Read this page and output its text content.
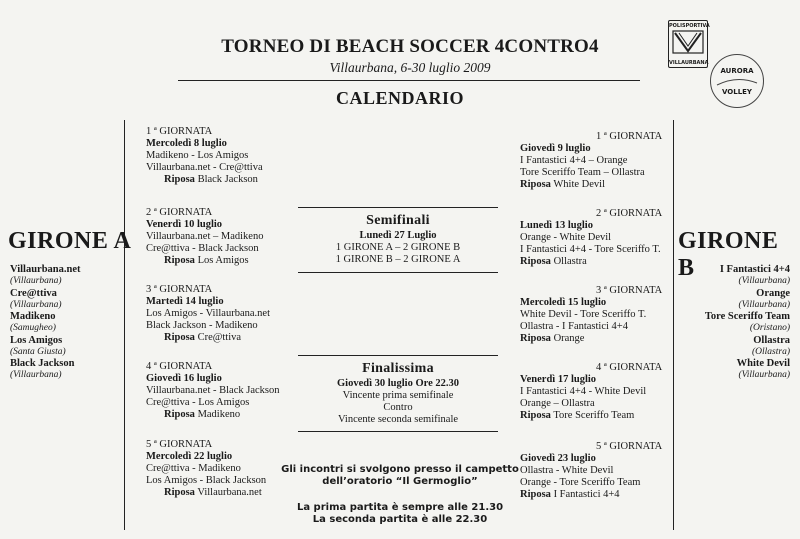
TORNEO DI BEACH SOCCER 4CONTRO4
Villaurbana, 6-30 luglio 2009
CALENDARIO
POLISPORTIVA
VILLAURBANA
AURORA
VOLLEY
GIRONE A
Villaurbana.net
(Villaurbana)
Cre@ttiva
(Villaurbana)
Madikeno
(Samugheo)
Los Amigos
(Santa Giusta)
Black Jackson
(Villaurbana)
GIRONE B	I Fantastici 4+4
(Villaurbana)
Orange
(Villaurbana)
Tore Sceriffo Team
(Oristano)
Ollastra
(Ollastra)
White Devil
(Villaurbana)
1 ª GIORNATA
Mercoledì 8 luglio
Madikeno - Los Amigos
Villaurbana.net - Cre@ttiva
Riposa Black Jackson
2 ª GIORNATA
Venerdì 10 luglio
Villaurbana.net – Madikeno
Cre@ttiva - Black Jackson
Riposa Los Amigos
3 ª GIORNATA
Martedì 14 luglio
Los Amigos - Villaurbana.net
Black Jackson - Madikeno
Riposa Cre@ttiva
4 ª GIORNATA
Giovedì 16 luglio
Villaurbana.net - Black Jackson
Cre@ttiva - Los Amigos
Riposa Madikeno
5 ª GIORNATA
Mercoledì 22 luglio
Cre@ttiva - Madikeno
Los Amigos - Black Jackson
Riposa Villaurbana.net
1 ª GIORNATA
Giovedì 9 luglio
I Fantastici 4+4 – Orange
Tore Sceriffo Team – Ollastra
Riposa White Devil
2 ª GIORNATA
Lunedì 13 luglio
Orange - White Devil
I Fantastici 4+4 - Tore Sceriffo T.
Riposa Ollastra
3 ª GIORNATA
Mercoledì 15 luglio
White Devil - Tore Sceriffo T.
Ollastra - I Fantastici 4+4
Riposa Orange
4 ª GIORNATA
Venerdì 17 luglio
I Fantastici 4+4 - White Devil
Orange – Ollastra
Riposa Tore Sceriffo Team
5 ª GIORNATA
Giovedì 23 luglio
Ollastra - White Devil
Orange - Tore Sceriffo Team
Riposa I Fantastici 4+4
Semifinali
Lunedì 27 Luglio
1 GIRONE A – 2 GIRONE B
1 GIRONE B – 2 GIRONE A
Finalissima
Giovedì 30 luglio Ore 22.30
Vincente prima semifinale
Contro
Vincente seconda semifinale

Gli incontri si svolgono presso il campetto

dell’oratorio “Il Germoglio”

La prima partita è sempre alle 21.30

La seconda partita è alle 22.30
